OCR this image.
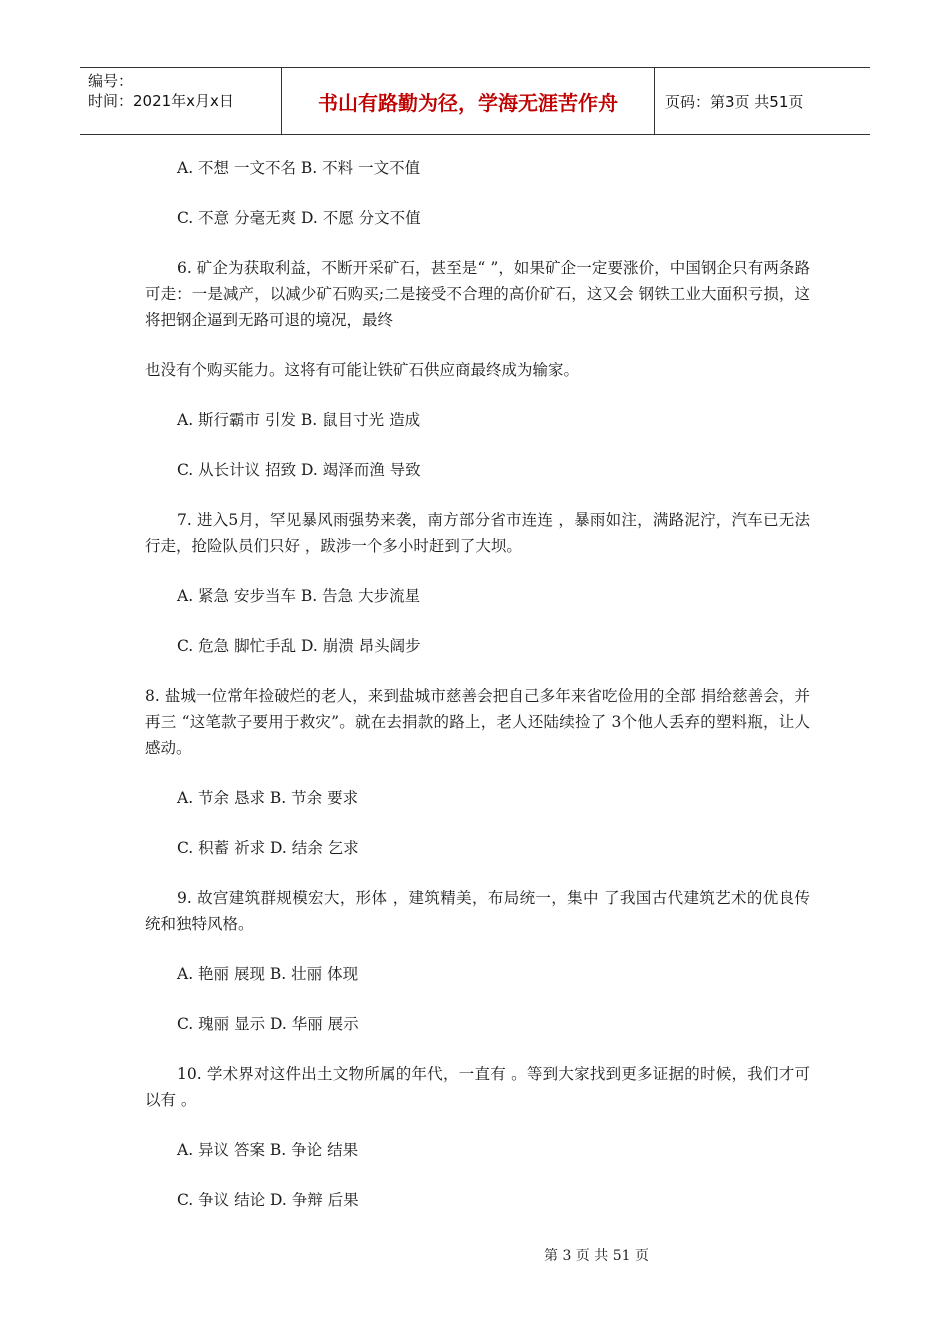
编号：
时间：2021年x月x日	书山有路勤为径，学海无涯苦作舟	页码：第3页 共51页

A. 不想 一文不名 B. 不料 一文不值

C. 不意 分毫无爽 D. 不愿 分文不值

6. 矿企为获取利益，不断开采矿石，甚至是“ ”，如果矿企一定要涨价，中国钢企只有两条路可走：一是减产，以减少矿石购买;二是接受不合理的高价矿石，这又会 钢铁工业大面积亏损，这将把钢企逼到无路可退的境况，最终

也没有个购买能力。这将有可能让铁矿石供应商最终成为输家。

A. 斯行霸市 引发 B. 鼠目寸光 造成

C. 从长计议 招致 D. 竭泽而渔 导致

7. 进入5月，罕见暴风雨强势来袭，南方部分省市连连 ，暴雨如注，满路泥泞，汽车已无法行走，抢险队员们只好 ，跋涉一个多小时赶到了大坝。

A. 紧急 安步当车 B. 告急 大步流星

C. 危急 脚忙手乱 D. 崩溃 昂头阔步

8. 盐城一位常年捡破烂的老人，来到盐城市慈善会把自己多年来省吃俭用的全部 捐给慈善会，并再三 “这笔款子要用于救灾”。就在去捐款的路上，老人还陆续捡了 3个他人丢弃的塑料瓶，让人感动。

A. 节余 恳求 B. 节余 要求

C. 积蓄 祈求 D. 结余 乞求

9. 故宫建筑群规模宏大，形体 ，建筑精美，布局统一，集中 了我国古代建筑艺术的优良传统和独特风格。

A. 艳丽 展现 B. 壮丽 体现

C. 瑰丽 显示 D. 华丽 展示

10. 学术界对这件出土文物所属的年代，一直有 。等到大家找到更多证据的时候，我们才可以有 。

A. 异议 答案 B. 争论 结果

C. 争议 结论 D. 争辩 后果

第 3 页 共 51 页
